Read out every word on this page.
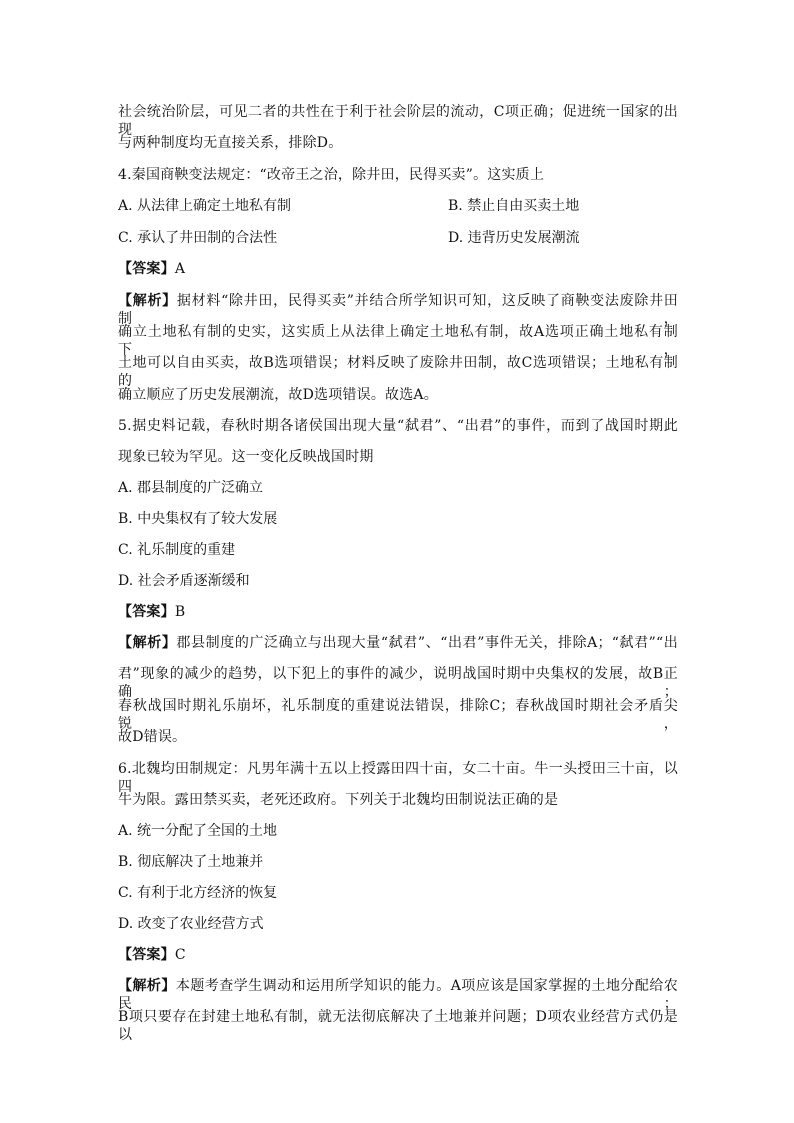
社会统治阶层，可见二者的共性在于利于社会阶层的流动，C项正确；促进统一国家的出现
与两种制度均无直接关系，排除D。
4.秦国商鞅变法规定：“改帝王之治，除井田，民得买卖”。这实质上
A. 从法律上确定土地私有制	B. 禁止自由买卖土地
C. 承认了井田制的合法性	D. 违背历史发展潮流
【答案】A
【解析】据材料“除井田，民得买卖”并结合所学知识可知，这反映了商鞅变法废除井田制，
确立土地私有制的史实，这实质上从法律上确定土地私有制，故A选项正确土地私有制下，
土地可以自由买卖，故B选项错误；材料反映了废除井田制，故C选项错误；土地私有制的
确立顺应了历史发展潮流，故D选项错误。故选A。
5.据史料记载，春秋时期各诸侯国出现大量“弑君”、“出君”的事件，而到了战国时期此
现象已较为罕见。这一变化反映战国时期
A. 郡县制度的广泛确立
B. 中央集权有了较大发展
C. 礼乐制度的重建
D. 社会矛盾逐渐缓和
【答案】B
【解析】郡县制度的广泛确立与出现大量“弑君”、“出君”事件无关，排除A；“弑君”“出
君”现象的减少的趋势，以下犯上的事件的减少，说明战国时期中央集权的发展，故B正确；
春秋战国时期礼乐崩坏，礼乐制度的重建说法错误，排除C；春秋战国时期社会矛盾尖锐，
故D错误。
6.北魏均田制规定：凡男年满十五以上授露田四十亩，女二十亩。牛一头授田三十亩，以四
牛为限。露田禁买卖，老死还政府。下列关于北魏均田制说法正确的是
A. 统一分配了全国的土地
B. 彻底解决了土地兼并
C. 有利于北方经济的恢复
D. 改变了农业经营方式
【答案】C
【解析】本题考查学生调动和运用所学知识的能力。A项应该是国家掌握的土地分配给农民；
B项只要存在封建土地私有制，就无法彻底解决了土地兼并问题；D项农业经营方式仍是以
